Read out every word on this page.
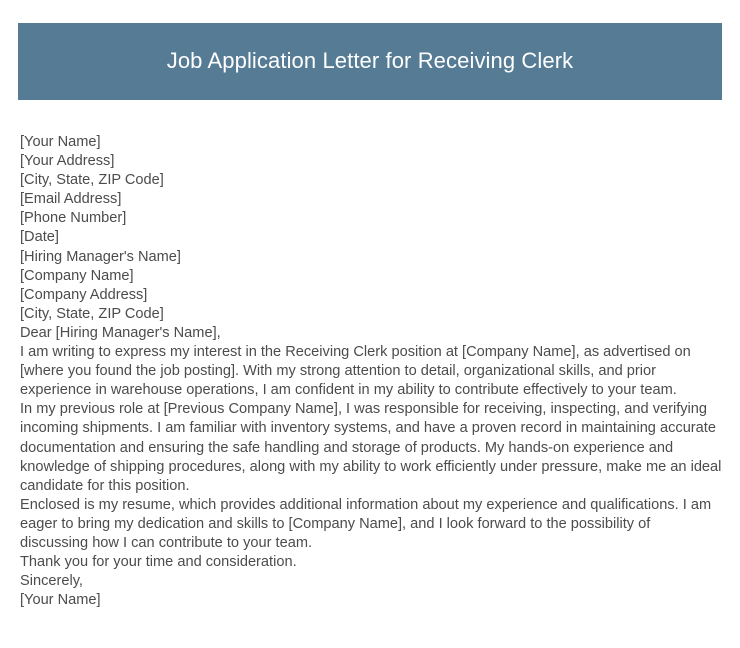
Job Application Letter for Receiving Clerk
[Your Name]
[Your Address]
[City, State, ZIP Code]
[Email Address]
[Phone Number]
[Date]
[Hiring Manager's Name]
[Company Name]
[Company Address]
[City, State, ZIP Code]
Dear [Hiring Manager's Name],
I am writing to express my interest in the Receiving Clerk position at [Company Name], as advertised on [where you found the job posting]. With my strong attention to detail, organizational skills, and prior experience in warehouse operations, I am confident in my ability to contribute effectively to your team.
In my previous role at [Previous Company Name], I was responsible for receiving, inspecting, and verifying incoming shipments. I am familiar with inventory systems, and have a proven record in maintaining accurate documentation and ensuring the safe handling and storage of products. My hands-on experience and knowledge of shipping procedures, along with my ability to work efficiently under pressure, make me an ideal candidate for this position.
Enclosed is my resume, which provides additional information about my experience and qualifications. I am eager to bring my dedication and skills to [Company Name], and I look forward to the possibility of discussing how I can contribute to your team.
Thank you for your time and consideration.
Sincerely,
[Your Name]
